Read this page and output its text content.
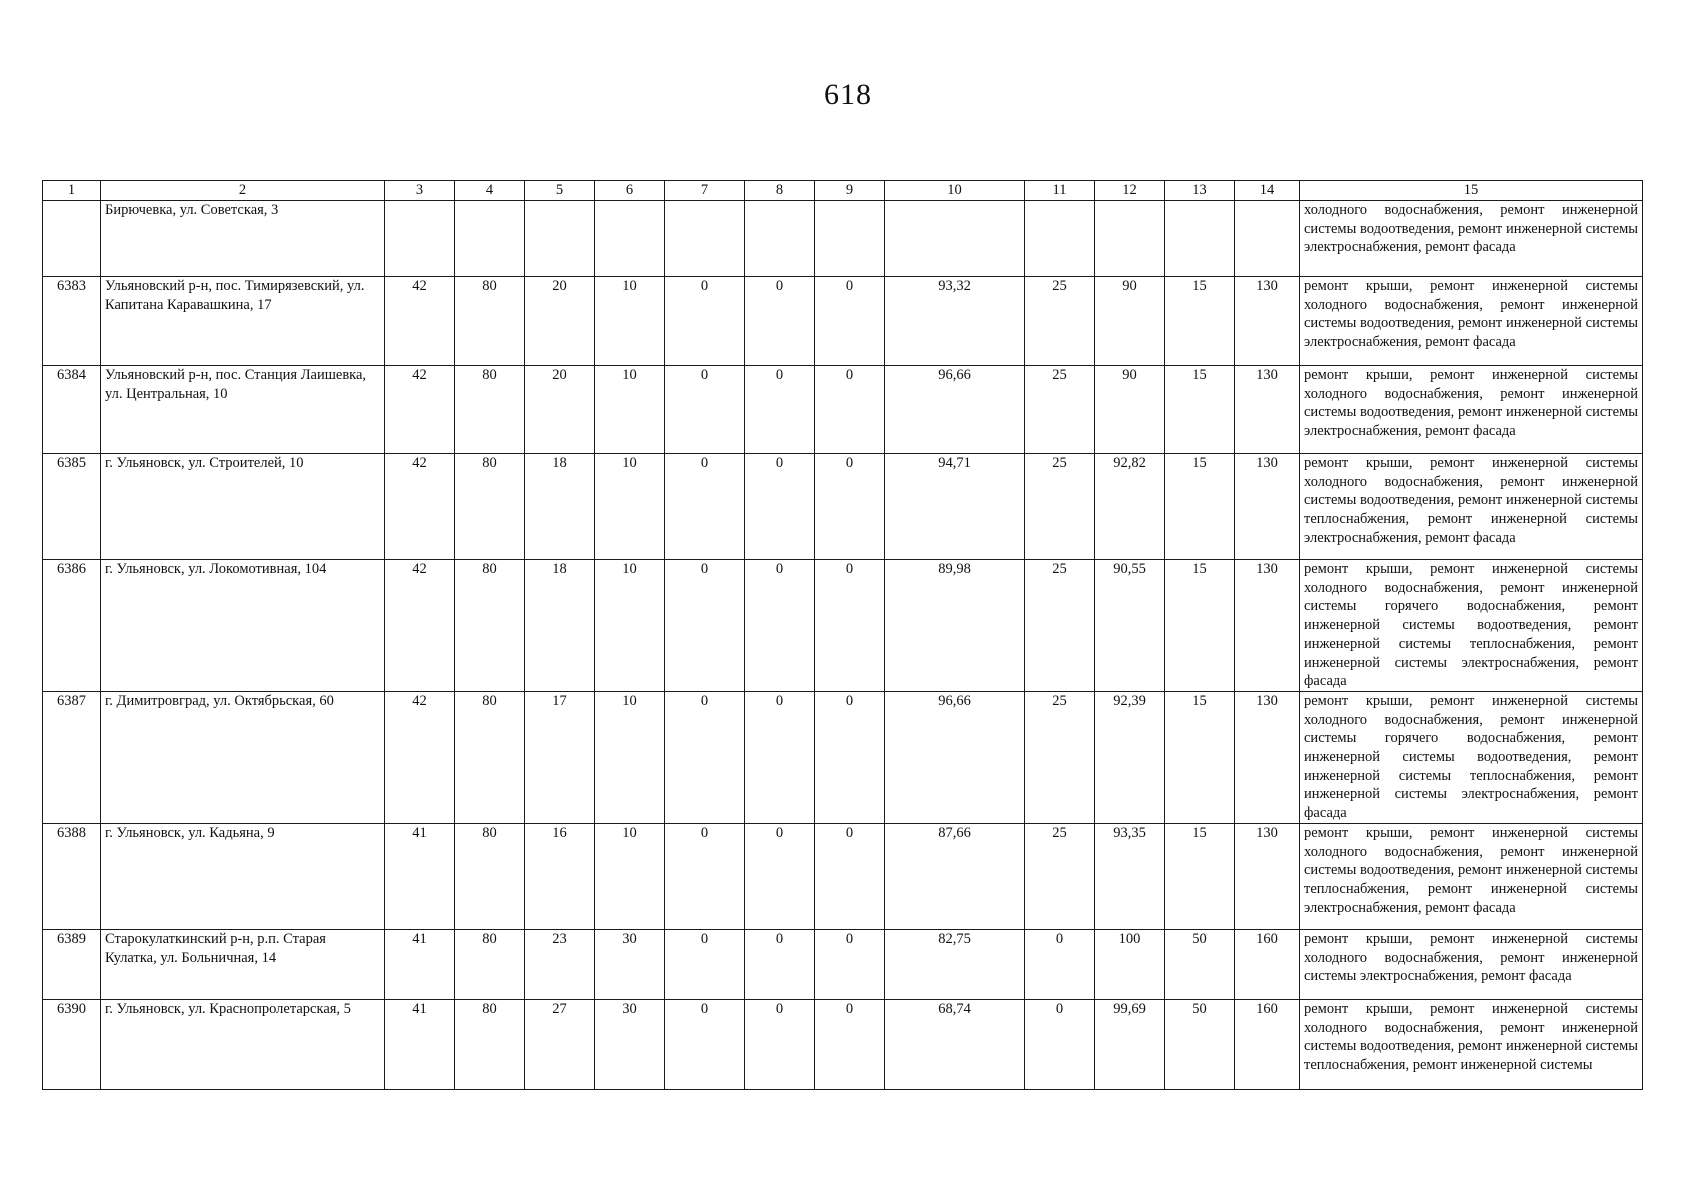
618
1	2	3	4	5	6	7	8	9	10	11	12	13	14	15
	Бирючевка, ул. Советская, 3													холодного водоснабжения, ремонт инженерной системы водоотведения, ремонт инженерной системы электроснабжения, ремонт фасада
6383	Ульяновский р-н, пос. Тимирязевский, ул. Капитана Каравашкина, 17	42	80	20	10	0	0	0	93,32	25	90	15	130	ремонт крыши, ремонт инженерной системы холодного водоснабжения, ремонт инженерной системы водоотведения, ремонт инженерной системы электроснабжения, ремонт фасада
6384	Ульяновский р-н, пос. Станция Лаишевка, ул. Центральная, 10	42	80	20	10	0	0	0	96,66	25	90	15	130	ремонт крыши, ремонт инженерной системы холодного водоснабжения, ремонт инженерной системы водоотведения, ремонт инженерной системы электроснабжения, ремонт фасада
6385	г. Ульяновск, ул. Строителей, 10	42	80	18	10	0	0	0	94,71	25	92,82	15	130	ремонт крыши, ремонт инженерной системы холодного водоснабжения, ремонт инженерной системы водоотведения, ремонт инженерной системы теплоснабжения, ремонт инженерной системы электроснабжения, ремонт фасада
6386	г. Ульяновск, ул. Локомотивная, 104	42	80	18	10	0	0	0	89,98	25	90,55	15	130	ремонт крыши, ремонт инженерной системы холодного водоснабжения, ремонт инженерной системы горячего водоснабжения, ремонт инженерной системы водоотведения, ремонт инженерной системы теплоснабжения, ремонт инженерной системы электроснабжения, ремонт фасада
6387	г. Димитровград, ул. Октябрьская, 60	42	80	17	10	0	0	0	96,66	25	92,39	15	130	ремонт крыши, ремонт инженерной системы холодного водоснабжения, ремонт инженерной системы горячего водоснабжения, ремонт инженерной системы водоотведения, ремонт инженерной системы теплоснабжения, ремонт инженерной системы электроснабжения, ремонт фасада
6388	г. Ульяновск, ул. Кадьяна, 9	41	80	16	10	0	0	0	87,66	25	93,35	15	130	ремонт крыши, ремонт инженерной системы холодного водоснабжения, ремонт инженерной системы водоотведения, ремонт инженерной системы теплоснабжения, ремонт инженерной системы электроснабжения, ремонт фасада
6389	Старокулаткинский р-н, р.п. Старая Кулатка, ул. Больничная, 14	41	80	23	30	0	0	0	82,75	0	100	50	160	ремонт крыши, ремонт инженерной системы холодного водоснабжения, ремонт инженерной системы электроснабжения, ремонт фасада
6390	г. Ульяновск, ул. Краснопролетарская, 5	41	80	27	30	0	0	0	68,74	0	99,69	50	160	ремонт крыши, ремонт инженерной системы холодного водоснабжения, ремонт инженерной системы водоотведения, ремонт инженерной системы теплоснабжения, ремонт инженерной системы
